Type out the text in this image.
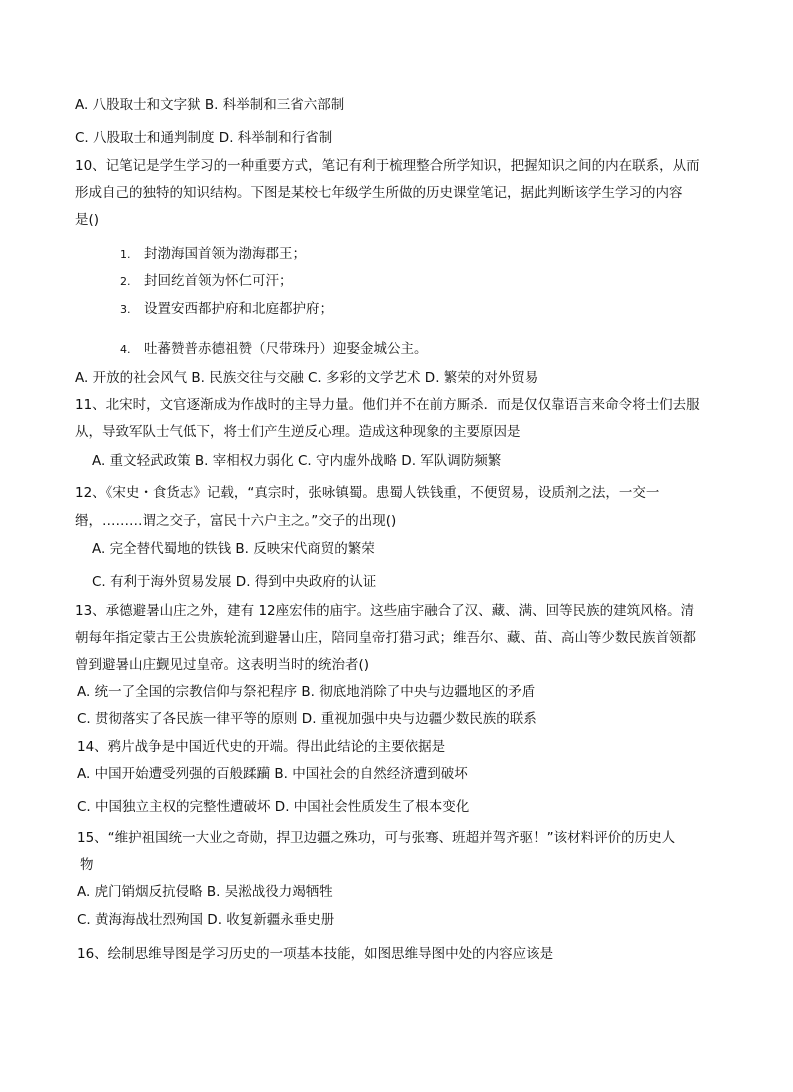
A. 八股取士和文字狱 B. 科举制和三省六部制
C. 八股取士和通判制度 D. 科举制和行省制
10、记笔记是学生学习的一种重要方式，笔记有利于梳理整合所学知识，把握知识之间的内在联系，从而
形成自己的独特的知识结构。下图是某校七年级学生所做的历史课堂笔记，据此判断该学生学习的内容
是()
1. 封渤海国首领为渤海郡王；
2. 封回纥首领为怀仁可汗；
3. 设置安西都护府和北庭都护府；
4. 吐蕃赞普赤德祖赞（尺带珠丹）迎娶金城公主。
A. 开放的社会风气 B. 民族交往与交融 C. 多彩的文学艺术 D. 繁荣的对外贸易
11、北宋时，文官逐渐成为作战时的主导力量。他们并不在前方厮杀．而是仅仅靠语言来命令将士们去服
从，导致军队士气低下，将士们产生逆反心理。造成这种现象的主要原因是
A. 重文轻武政策 B. 宰相权力弱化 C. 守内虚外战略 D. 军队调防频繁
12、《宋史・食货志》记载，“真宗时，张咏镇蜀。患蜀人铁钱重，不便贸易，设质剂之法，一交一
缗，………谓之交子，富民十六户主之。”交子的出现()
A. 完全替代蜀地的铁钱 B. 反映宋代商贸的繁荣
C. 有利于海外贸易发展 D. 得到中央政府的认证
13、承德避暑山庄之外，建有 12座宏伟的庙宇。这些庙宇融合了汉、藏、满、回等民族的建筑风格。清
朝每年指定蒙古王公贵族轮流到避暑山庄，陪同皇帝打猎习武；维吾尔、藏、苗、高山等少数民族首领都
曾到避暑山庄觐见过皇帝。这表明当时的统治者()
A. 统一了全国的宗教信仰与祭祀程序 B. 彻底地消除了中央与边疆地区的矛盾
C. 贯彻落实了各民族一律平等的原则 D. 重视加强中央与边疆少数民族的联系
14、鸦片战争是中国近代史的开端。得出此结论的主要依据是
A. 中国开始遭受列强的百般蹂躏 B. 中国社会的自然经济遭到破坏
C. 中国独立主权的完整性遭破坏 D. 中国社会性质发生了根本变化
15、“维护祖国统一大业之奇勋，捍卫边疆之殊功，可与张骞、班超并驾齐驱！”该材料评价的历史人
物
A. 虎门销烟反抗侵略 B. 吴淞战役力竭牺牲
C. 黄海海战壮烈殉国 D. 收复新疆永垂史册
16、绘制思维导图是学习历史的一项基本技能，如图思维导图中处的内容应该是
